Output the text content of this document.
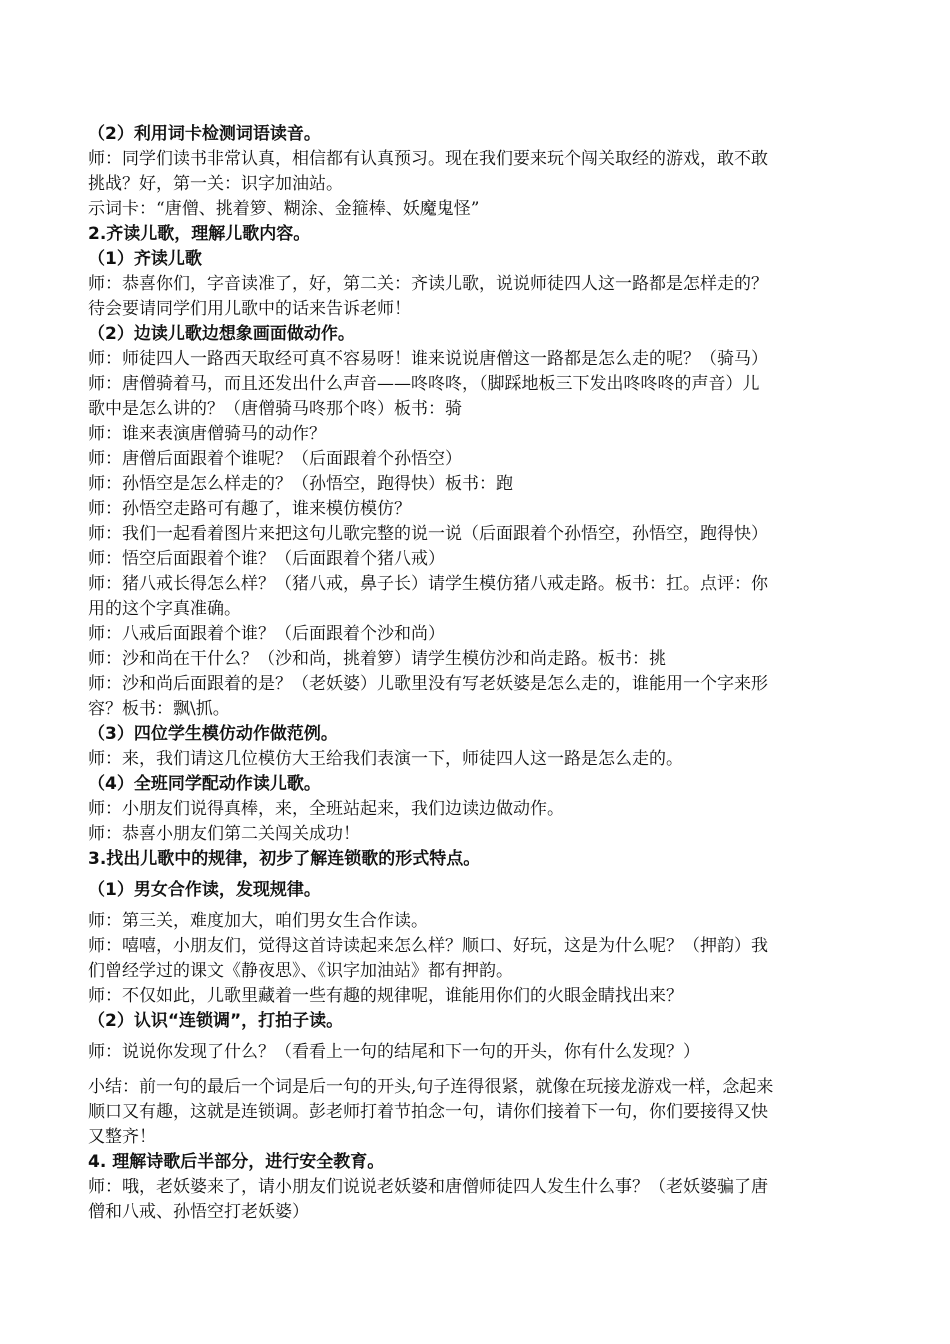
（2）利用词卡检测词语读音。
师：同学们读书非常认真，相信都有认真预习。现在我们要来玩个闯关取经的游戏，敢不敢
挑战？好，第一关：识字加油站。
示词卡：“唐僧、挑着箩、糊涂、金箍棒、妖魔鬼怪”
2.齐读儿歌，理解儿歌内容。
（1）齐读儿歌
师：恭喜你们，字音读准了，好，第二关：齐读儿歌，说说师徒四人这一路都是怎样走的？
待会要请同学们用儿歌中的话来告诉老师！
（2）边读儿歌边想象画面做动作。
师：师徒四人一路西天取经可真不容易呀！谁来说说唐僧这一路都是怎么走的呢？（骑马）
师：唐僧骑着马，而且还发出什么声音——咚咚咚，（脚踩地板三下发出咚咚咚的声音）儿
歌中是怎么讲的？（唐僧骑马咚那个咚）板书：骑
师：谁来表演唐僧骑马的动作？
师：唐僧后面跟着个谁呢？（后面跟着个孙悟空）
师：孙悟空是怎么样走的？（孙悟空，跑得快）板书：跑
师：孙悟空走路可有趣了，谁来模仿模仿？
师：我们一起看着图片来把这句儿歌完整的说一说（后面跟着个孙悟空，孙悟空，跑得快）
师：悟空后面跟着个谁？（后面跟着个猪八戒）
师：猪八戒长得怎么样？（猪八戒，鼻子长）请学生模仿猪八戒走路。板书：扛。点评：你
用的这个字真准确。
师：八戒后面跟着个谁？（后面跟着个沙和尚）
师：沙和尚在干什么？（沙和尚，挑着箩）请学生模仿沙和尚走路。板书：挑
师：沙和尚后面跟着的是？（老妖婆）儿歌里没有写老妖婆是怎么走的，谁能用一个字来形
容？板书：飘\抓。
（3）四位学生模仿动作做范例。
师：来，我们请这几位模仿大王给我们表演一下，师徒四人这一路是怎么走的。
（4）全班同学配动作读儿歌。
师：小朋友们说得真棒，来，全班站起来，我们边读边做动作。
师：恭喜小朋友们第二关闯关成功！
3.找出儿歌中的规律，初步了解连锁歌的形式特点。
（1）男女合作读，发现规律。
师：第三关，难度加大，咱们男女生合作读。
师：嘻嘻，小朋友们，觉得这首诗读起来怎么样？顺口、好玩，这是为什么呢？（押韵）我
们曾经学过的课文《静夜思》、《识字加油站》都有押韵。
师：不仅如此，儿歌里藏着一些有趣的规律呢，谁能用你们的火眼金睛找出来？
（2）认识“连锁调”，打拍子读。
师：说说你发现了什么？（看看上一句的结尾和下一句的开头，你有什么发现？）
小结：前一句的最后一个词是后一句的开头,句子连得很紧，就像在玩接龙游戏一样，念起来
顺口又有趣，这就是连锁调。彭老师打着节拍念一句，请你们接着下一句，你们要接得又快
又整齐！
4. 理解诗歌后半部分，进行安全教育。
师：哦，老妖婆来了，请小朋友们说说老妖婆和唐僧师徒四人发生什么事？（老妖婆骗了唐
僧和八戒、孙悟空打老妖婆）
